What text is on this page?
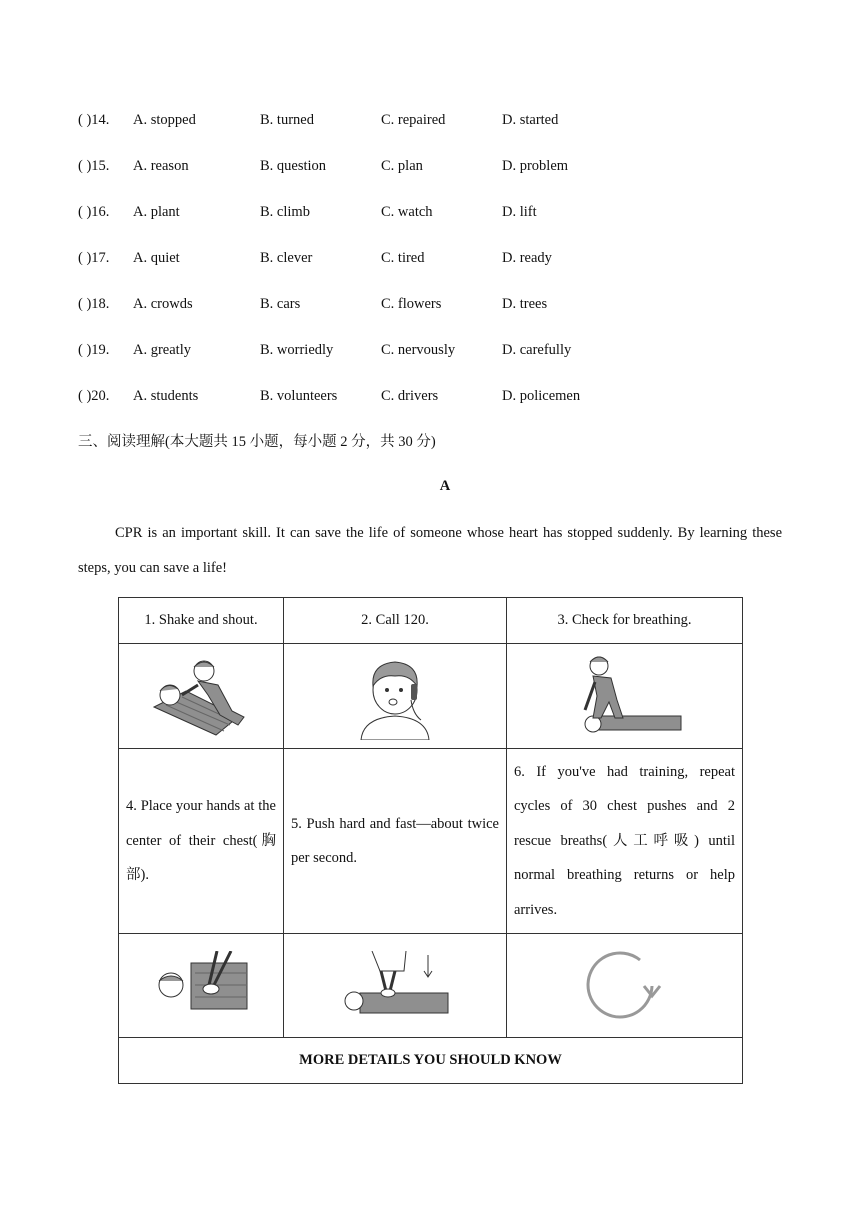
( )14. A. stopped	B. turned	C. repaired	D. started
( )15. A. reason	B. question	C. plan	D. problem
( )16. A. plant	B. climb	C. watch	D. lift
( )17. A. quiet	B. clever	C. tired	D. ready
( )18. A. crowds	B. cars	C. flowers	D. trees
( )19. A. greatly	B. worriedly	C. nervously	D. carefully
( )20. A. students	B. volunteers	C. drivers	D. policemen
三、阅读理解(本大题共 15 小题，每小题 2 分，共 30 分)
A
CPR is an important skill. It can save the life of someone whose heart has stopped suddenly. By learning these steps, you can save a life!
1. Shake and shout.	2. Call 120.	3. Check for breathing.

4. Place your hands at the center of their chest(胸部).	5. Push hard and fast—about twice per second.	6. If you've had training, repeat cycles of 30 chest pushes and 2 rescue breaths(人工呼吸) until normal breathing returns or help arrives.

MORE DETAILS YOU SHOULD KNOW		
